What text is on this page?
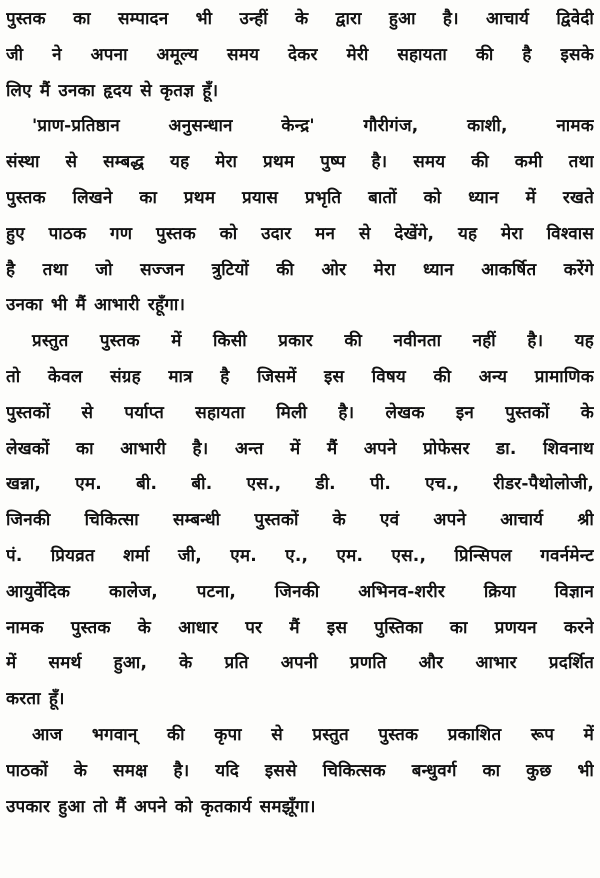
पुस्तक का सम्पादन भी उन्हीं के द्वारा हुआ है। आचार्य द्विवेदी
जी ने अपना अमूल्य समय देकर मेरी सहायता की है इसके
लिए मैं उनका हृदय से कृतज्ञ हूँ।
'प्राण-प्रतिष्ठान अनुसन्धान केन्द्र' गौरीगंज, काशी, नामक
संस्था से सम्बद्ध यह मेरा प्रथम पुष्प है। समय की कमी तथा
पुस्तक लिखने का प्रथम प्रयास प्रभृति बातों को ध्यान में रखते
हुए पाठक गण पुस्तक को उदार मन से देखेंगे, यह मेरा विश्वास
है तथा जो सज्जन त्रुटियों की ओर मेरा ध्यान आकर्षित करेंगे
उनका भी मैं आभारी रहूँगा।
प्रस्तुत पुस्तक में किसी प्रकार की नवीनता नहीं है। यह
तो केवल संग्रह मात्र है जिसमें इस विषय की अन्य प्रामाणिक
पुस्तकों से पर्याप्त सहायता मिली है। लेखक इन पुस्तकों के
लेखकों का आभारी है। अन्त में मैं अपने प्रोफेसर डा. शिवनाथ
खन्ना, एम. बी. बी. एस., डी. पी. एच., रीडर-पैथोलोजी,
जिनकी चिकित्सा सम्बन्धी पुस्तकों के एवं अपने आचार्य श्री
पं. प्रियव्रत शर्मा जी, एम. ए., एम. एस., प्रिन्सिपल गवर्नमेन्ट
आयुर्वेदिक कालेज, पटना, जिनकी अभिनव-शरीर क्रिया विज्ञान
नामक पुस्तक के आधार पर मैं इस पुस्तिका का प्रणयन करने
में समर्थ हुआ, के प्रति अपनी प्रणति और आभार प्रदर्शित
करता हूँ।
आज भगवान् की कृपा से प्रस्तुत पुस्तक प्रकाशित रूप में
पाठकों के समक्ष है। यदि इससे चिकित्सक बन्धुवर्ग का कुछ भी
उपकार हुआ तो मैं अपने को कृतकार्य समझूँगा।
